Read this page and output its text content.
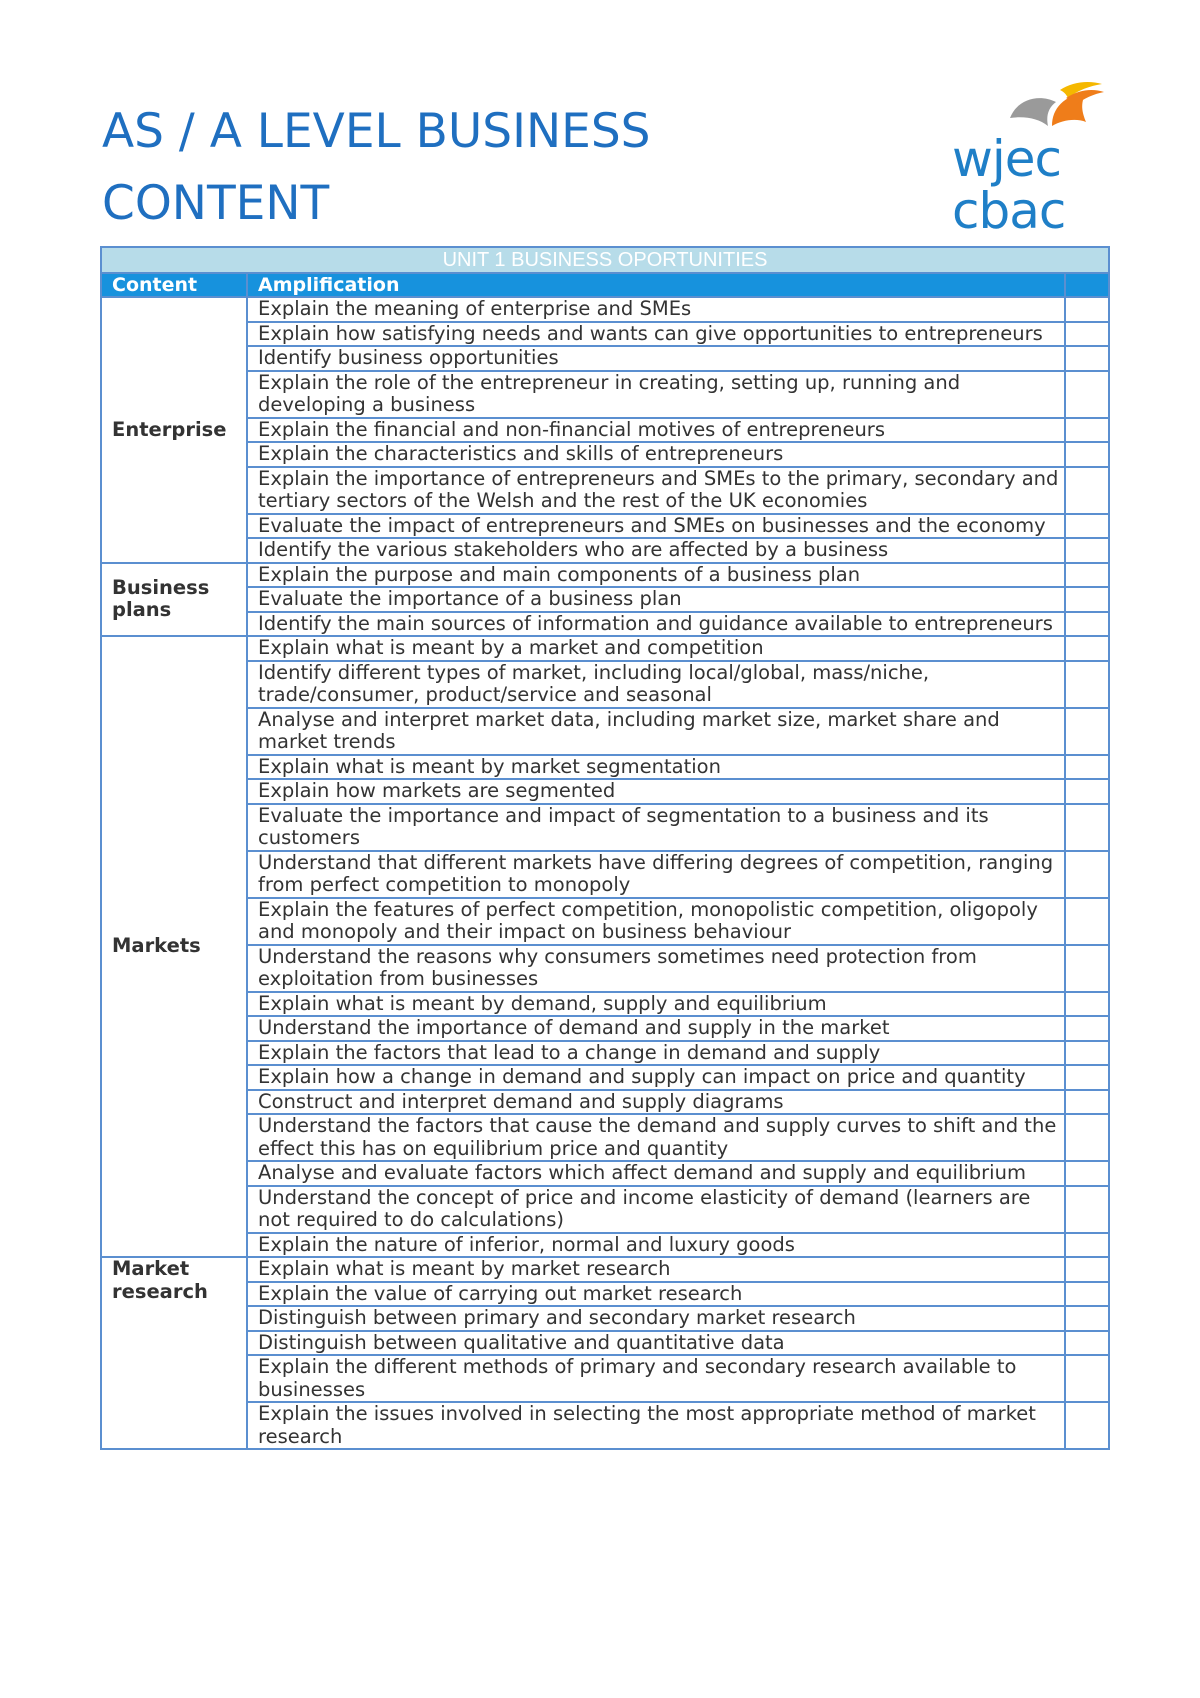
AS / A LEVEL BUSINESS CONTENT
wjec
cbac
UNIT 1 BUSINESS OPORTUNITIES		
Content	Amplification	
Enterprise	Explain the meaning of enterprise and SMEs	
	Explain how satisfying needs and wants can give opportunities to entrepreneurs	
	Identify business opportunities	
	Explain the role of the entrepreneur in creating, setting up, running and developing a business	
	Explain the financial and non-financial motives of entrepreneurs	
	Explain the characteristics and skills of entrepreneurs	
	Explain the importance of entrepreneurs and SMEs to the primary, secondary and tertiary sectors of the Welsh and the rest of the UK economies	
	Evaluate the impact of entrepreneurs and SMEs on businesses and the economy	
	Identify the various stakeholders who are affected by a business	
Business plans	Explain the purpose and main components of a business plan	
	Evaluate the importance of a business plan	
	Identify the main sources of information and guidance available to entrepreneurs	
Markets	Explain what is meant by a market and competition	
	Identify different types of market, including local/global, mass/niche, trade/consumer, product/service and seasonal	
	Analyse and interpret market data, including market size, market share and market trends	
	Explain what is meant by market segmentation	
	Explain how markets are segmented	
	Evaluate the importance and impact of segmentation to a business and its customers	
	Understand that different markets have differing degrees of competition, ranging from perfect competition to monopoly	
	Explain the features of perfect competition, monopolistic competition, oligopoly and monopoly and their impact on business behaviour	
	Understand the reasons why consumers sometimes need protection from exploitation from businesses	
	Explain what is meant by demand, supply and equilibrium	
	Understand the importance of demand and supply in the market	
	Explain the factors that lead to a change in demand and supply	
	Explain how a change in demand and supply can impact on price and quantity	
	Construct and interpret demand and supply diagrams	
	Understand the factors that cause the demand and supply curves to shift and the effect this has on equilibrium price and quantity	
	Analyse and evaluate factors which affect demand and supply and equilibrium	
	Understand the concept of price and income elasticity of demand (learners are not required to do calculations)	
	Explain the nature of inferior, normal and luxury goods	
Market research	Explain what is meant by market research	
	Explain the value of carrying out market research	
	Distinguish between primary and secondary market research	
	Distinguish between qualitative and quantitative data	
	Explain the different methods of primary and secondary research available to businesses	
	Explain the issues involved in selecting the most appropriate method of market research	
